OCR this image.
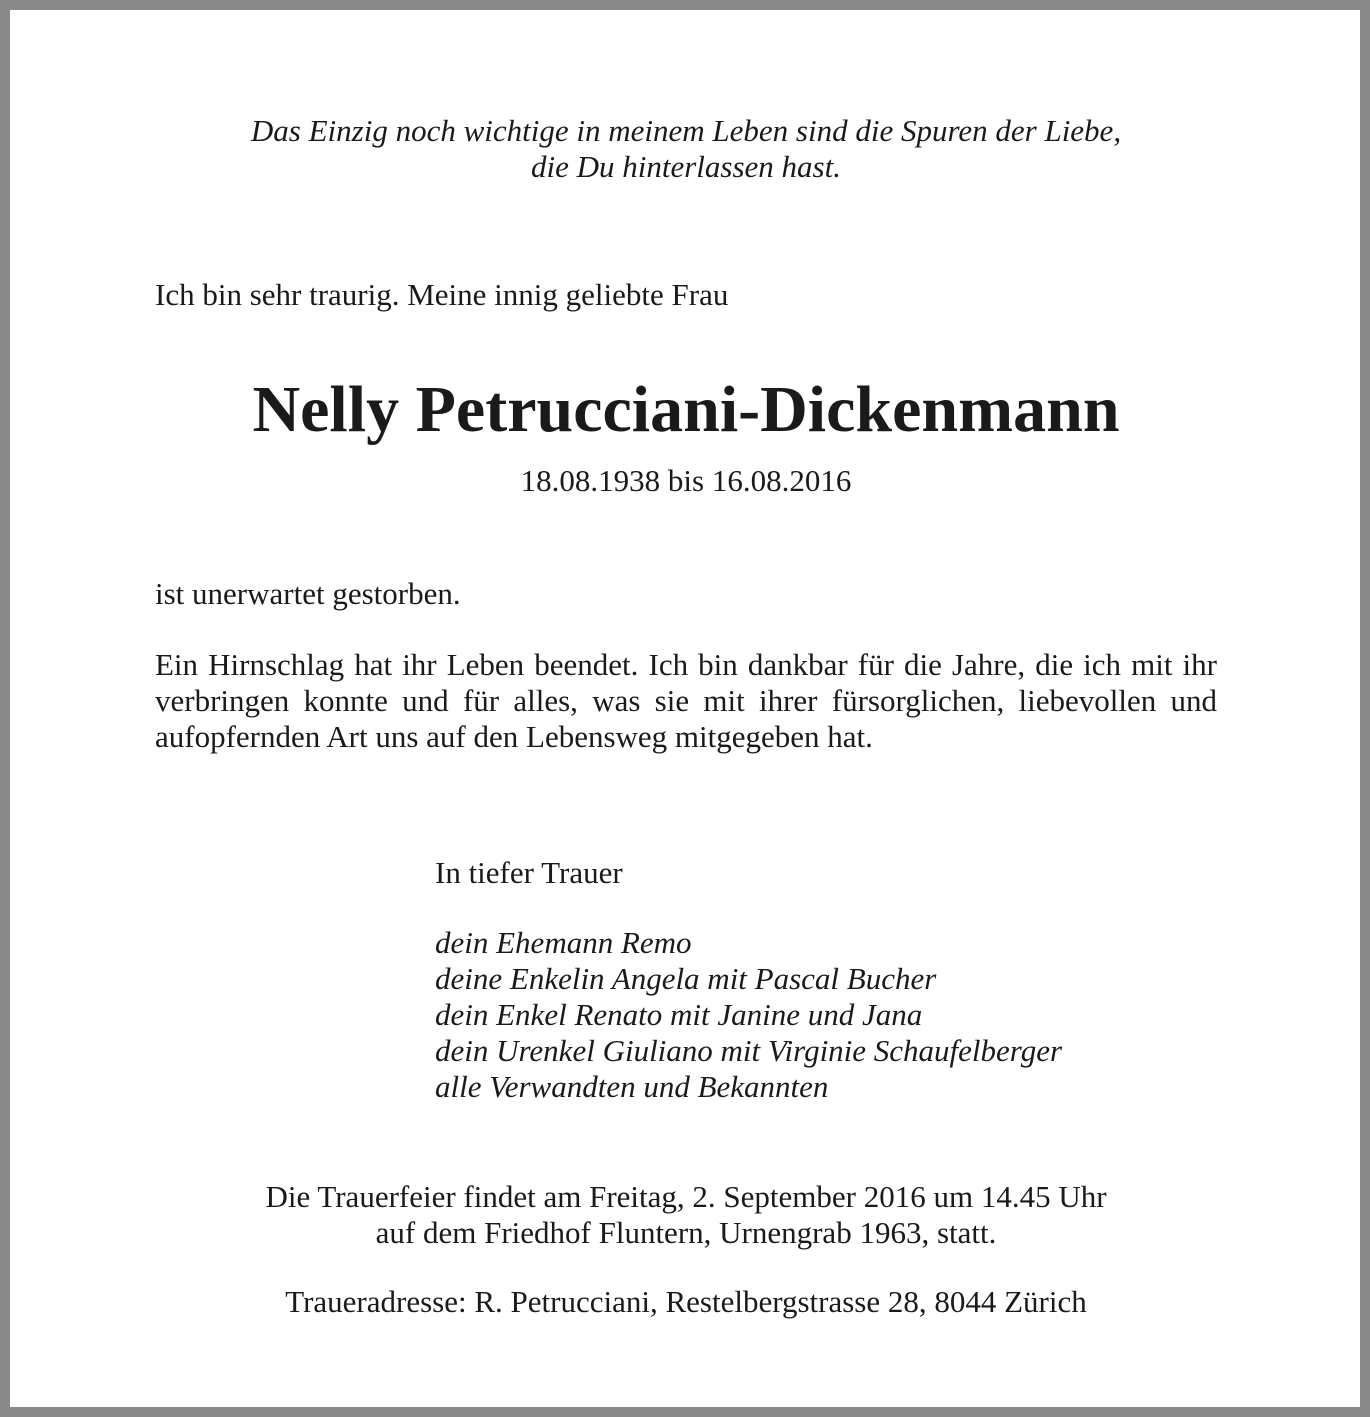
Das Einzig noch wichtige in meinem Leben sind die Spuren der Liebe,
die Du hinterlassen hast.

Ich bin sehr traurig. Meine innig geliebte Frau

Nelly Petrucciani-Dickenmann

18.08.1938 bis 16.08.2016

ist unerwartet gestorben.

Ein Hirnschlag hat ihr Leben beendet. Ich bin dankbar für die Jahre, die ich mit ihr verbringen konnte und für alles, was sie mit ihrer fürsorglichen, liebevollen und aufopfernden Art uns auf den Lebensweg mitgegeben hat.

In tiefer Trauer

dein Ehemann Remo
deine Enkelin Angela mit Pascal Bucher
dein Enkel Renato mit Janine und Jana
dein Urenkel Giuliano mit Virginie Schaufelberger
alle Verwandten und Bekannten

Die Trauerfeier findet am Freitag, 2. September 2016 um 14.45 Uhr
auf dem Friedhof Fluntern, Urnengrab 1963, statt.

Traueradresse: R. Petrucciani, Restelbergstrasse 28, 8044 Zürich
